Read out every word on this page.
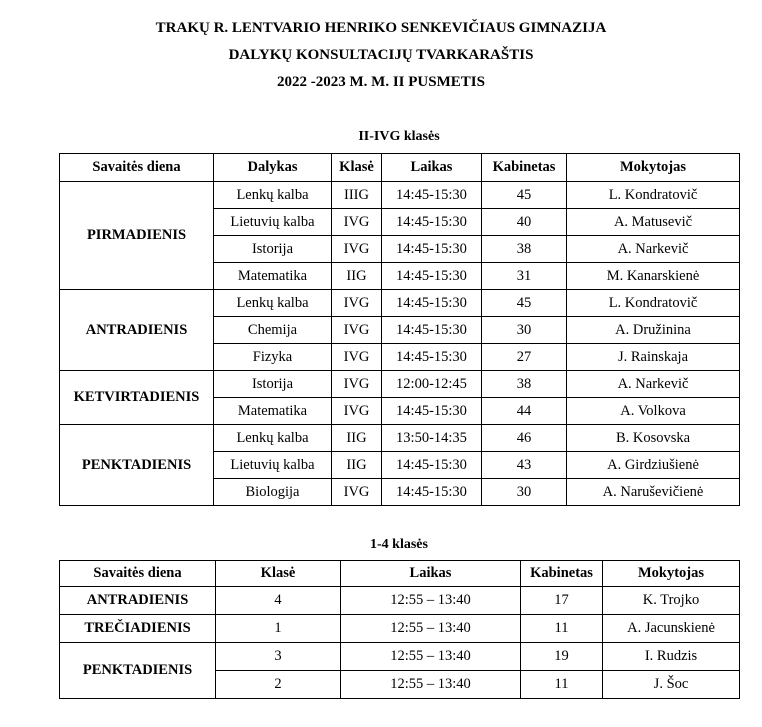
TRAKŲ R. LENTVARIO HENRIKO SENKEVIČIAUS GIMNAZIJA
DALYKŲ KONSULTACIJŲ TVARKARAŠTIS
2022 -2023 M. M. II PUSMETIS
II-IVG klasės
Savaitės diena	Dalykas	Klasė	Laikas	Kabinetas	Mokytojas
PIRMADIENIS	Lenkų kalba	IIIG	14:45-15:30	45	L. Kondratovič
	Lietuvių kalba	IVG	14:45-15:30	40	A. Matusevič
	Istorija	IVG	14:45-15:30	38	A. Narkevič
	Matematika	IIG	14:45-15:30	31	M. Kanarskienė
ANTRADIENIS	Lenkų kalba	IVG	14:45-15:30	45	L. Kondratovič
	Chemija	IVG	14:45-15:30	30	A. Družinina
	Fizyka	IVG	14:45-15:30	27	J. Rainskaja
KETVIRTADIENIS	Istorija	IVG	12:00-12:45	38	A. Narkevič
	Matematika	IVG	14:45-15:30	44	A. Volkova
PENKTADIENIS	Lenkų kalba	IIG	13:50-14:35	46	B. Kosovska
	Lietuvių kalba	IIG	14:45-15:30	43	A. Girdziušienė
	Biologija	IVG	14:45-15:30	30	A. Naruševičienė
1-4 klasės
Savaitės diena	Klasė	Laikas	Kabinetas	Mokytojas
ANTRADIENIS	4	12:55 – 13:40	17	K. Trojko
TREČIADIENIS	1	12:55 – 13:40	11	A. Jacunskienė
PENKTADIENIS	3	12:55 – 13:40	19	I. Rudzis
	2	12:55 – 13:40	11	J. Šoc
